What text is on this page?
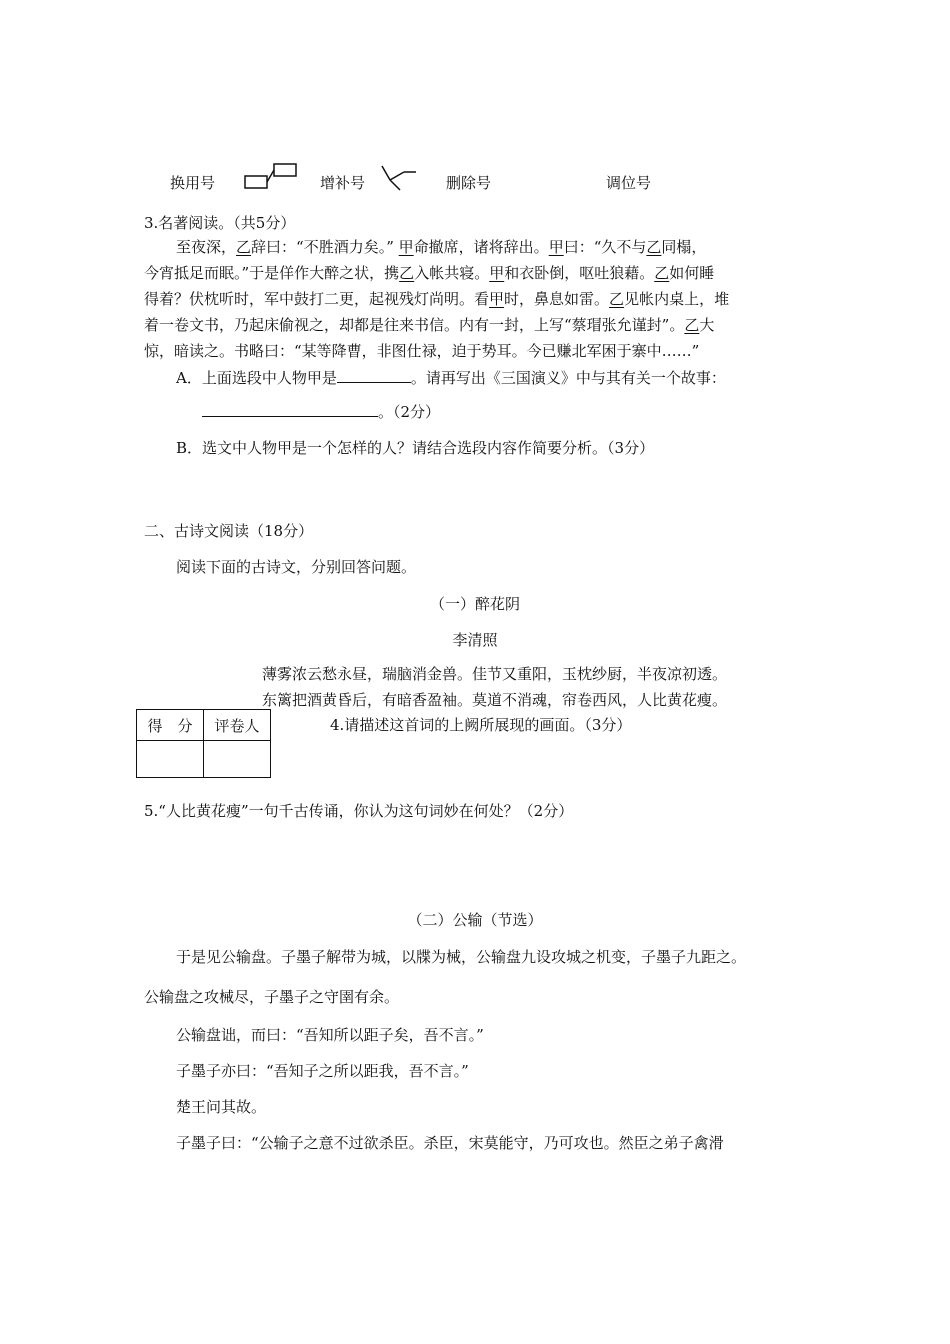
换用号	增补号	删除号	调位号
3.名著阅读。（共5分）
至夜深，乙辞曰：“不胜酒力矣。” 甲命撤席，诸将辞出。甲曰：“久不与乙同榻，
今宵抵足而眠。”于是佯作大醉之状，携乙入帐共寝。甲和衣卧倒，呕吐狼藉。乙如何睡
得着？伏枕听时，军中鼓打二更，起视残灯尚明。看甲时，鼻息如雷。乙见帐内桌上，堆
着一卷文书，乃起床偷视之，却都是往来书信。内有一封，上写“蔡瑁张允谨封”。乙大
惊，暗读之。书略曰：“某等降曹，非图仕禄，迫于势耳。今已赚北军困于寨中……”
A．上面选段中人物甲是	。请再写出《三国演义》中与其有关一个故事：
。（2分）
B．选文中人物甲是一个怎样的人？请结合选段内容作简要分析。（3分）
二、古诗文阅读（18分）
阅读下面的古诗文，分别回答问题。
（一）醉花阴
李清照
薄雾浓云愁永昼，瑞脑消金兽。佳节又重阳，玉枕纱厨，半夜凉初透。
东篱把酒黄昏后，有暗香盈袖。莫道不消魂，帘卷西风，人比黄花瘦。
得　分	评卷人
		4.请描述这首词的上阙所展现的画面。（3分）
5.“人比黄花瘦”一句千古传诵，你认为这句词妙在何处？（2分）
（二）公输（节选）
于是见公输盘。子墨子解带为城，以牒为械，公输盘九设攻城之机变，子墨子九距之。
公输盘之攻械尽，子墨子之守圉有余。
公输盘诎，而曰：“吾知所以距子矣，吾不言。”
子墨子亦曰：“吾知子之所以距我，吾不言。”
楚王问其故。
子墨子曰：“公输子之意不过欲杀臣。杀臣，宋莫能守，乃可攻也。然臣之弟子禽滑
